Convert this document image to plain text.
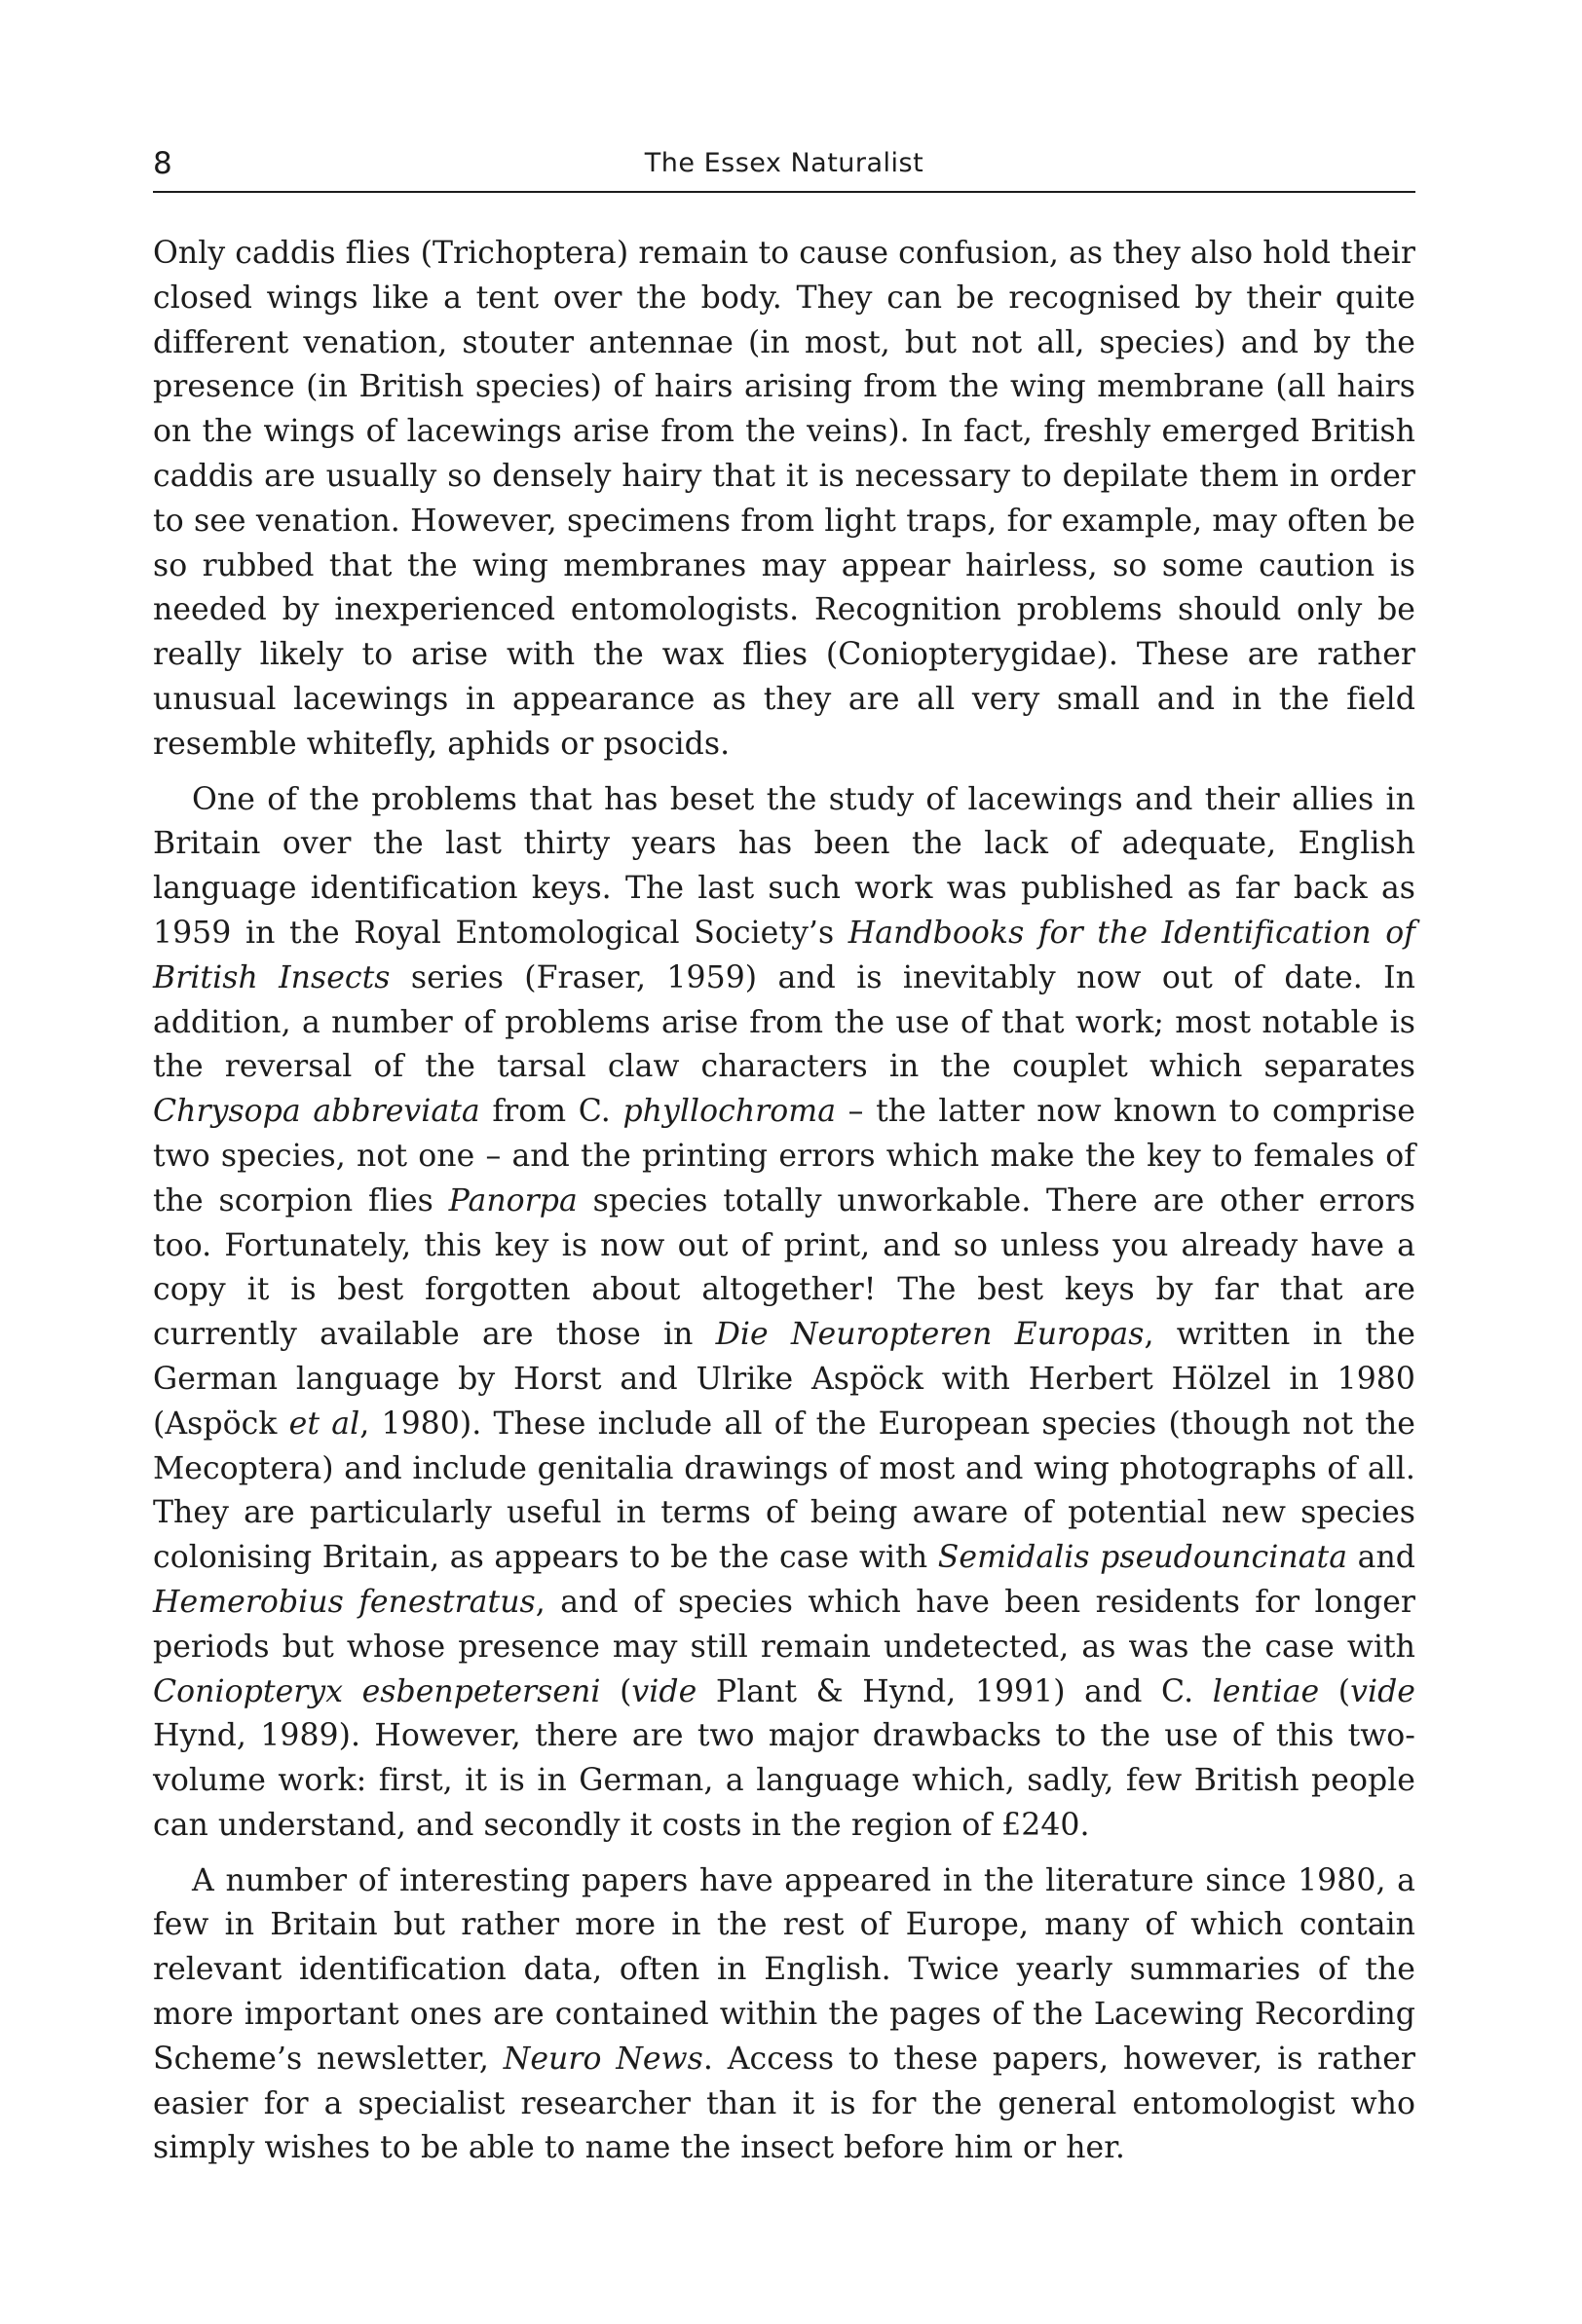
8	The Essex Naturalist

Only caddis flies (Trichoptera) remain to cause confusion, as they also hold their closed wings like a tent over the body. They can be recognised by their quite different venation, stouter antennae (in most, but not all, species) and by the presence (in British species) of hairs arising from the wing membrane (all hairs on the wings of lacewings arise from the veins). In fact, freshly emerged British caddis are usually so densely hairy that it is necessary to depilate them in order to see venation. However, specimens from light traps, for example, may often be so rubbed that the wing membranes may appear hairless, so some caution is needed by inexperienced entomologists. Recognition problems should only be really likely to arise with the wax flies (Coniopterygidae). These are rather unusual lacewings in appearance as they are all very small and in the field resemble whitefly, aphids or psocids.

One of the problems that has beset the study of lacewings and their allies in Britain over the last thirty years has been the lack of adequate, English language identification keys. The last such work was published as far back as 1959 in the Royal Entomological Society’s Handbooks for the Identification of British Insects series (Fraser, 1959) and is inevitably now out of date. In addition, a number of problems arise from the use of that work; most notable is the reversal of the tarsal claw characters in the couplet which separates Chrysopa abbreviata from C. phyllochroma – the latter now known to comprise two species, not one – and the printing errors which make the key to females of the scorpion flies Panorpa species totally unworkable. There are other errors too. Fortunately, this key is now out of print, and so unless you already have a copy it is best forgotten about altogether! The best keys by far that are currently available are those in Die Neuropteren Europas, written in the German language by Horst and Ulrike Aspöck with Herbert Hölzel in 1980 (Aspöck et al, 1980). These include all of the European species (though not the Mecoptera) and include genitalia drawings of most and wing photographs of all. They are particularly useful in terms of being aware of potential new species colonising Britain, as appears to be the case with Semidalis pseudouncinata and Hemerobius fenestratus, and of species which have been residents for longer periods but whose presence may still remain undetected, as was the case with Coniopteryx esbenpeterseni (vide Plant & Hynd, 1991) and C. lentiae (vide Hynd, 1989). However, there are two major drawbacks to the use of this two-volume work: first, it is in German, a language which, sadly, few British people can understand, and secondly it costs in the region of £240.

A number of interesting papers have appeared in the literature since 1980, a few in Britain but rather more in the rest of Europe, many of which contain relevant identification data, often in English. Twice yearly summaries of the more important ones are contained within the pages of the Lacewing Recording Scheme’s newsletter, Neuro News. Access to these papers, however, is rather easier for a specialist researcher than it is for the general entomologist who simply wishes to be able to name the insect before him or her.
